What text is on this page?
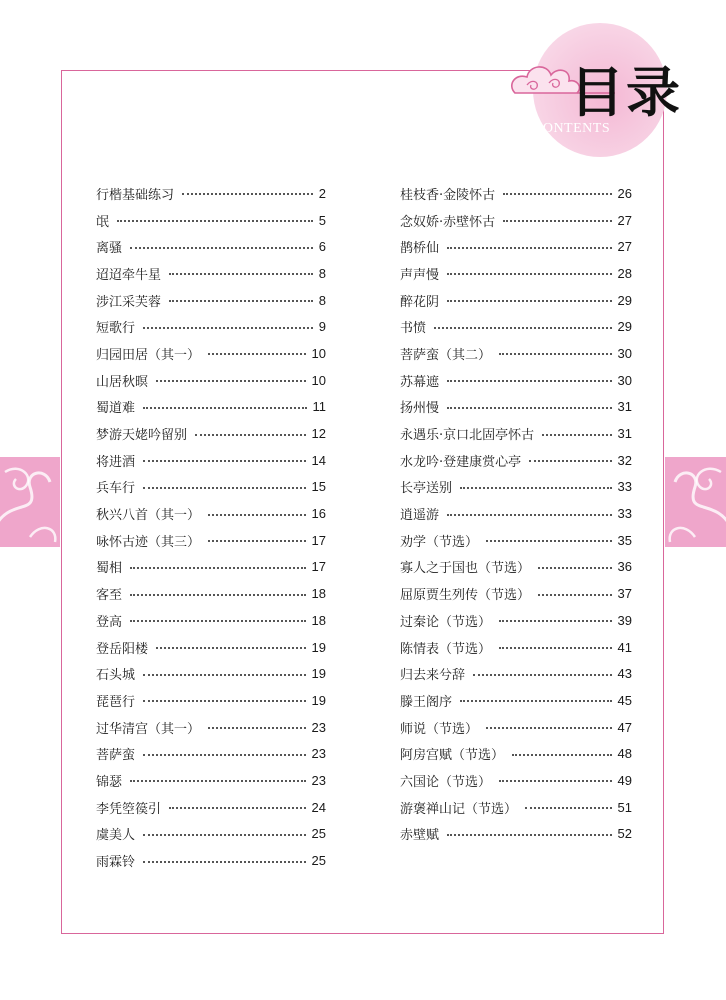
目录
CONTENTS
行楷基础练习	2
氓	5
离骚	6
迢迢牵牛星	8
涉江采芙蓉	8
短歌行	9
归园田居（其一）	10
山居秋暝	10
蜀道难	11
梦游天姥吟留别	12
将进酒	14
兵车行	15
秋兴八首（其一）	16
咏怀古迹（其三）	17
蜀相	17
客至	18
登高	18
登岳阳楼	19
石头城	19
琵琶行	19
过华清宫（其一）	23
菩萨蛮	23
锦瑟	23
李凭箜篌引	24
虞美人	25
雨霖铃	25
桂枝香·金陵怀古	26
念奴娇·赤壁怀古	27
鹊桥仙	27
声声慢	28
醉花阴	29
书愤	29
菩萨蛮（其二）	30
苏幕遮	30
扬州慢	31
永遇乐·京口北固亭怀古	31
水龙吟·登建康赏心亭	32
长亭送别	33
逍遥游	33
劝学（节选）	35
寡人之于国也（节选）	36
屈原贾生列传（节选）	37
过秦论（节选）	39
陈情表（节选）	41
归去来兮辞	43
滕王阁序	45
师说（节选）	47
阿房宫赋（节选）	48
六国论（节选）	49
游褒禅山记（节选）	51
赤壁赋	52
